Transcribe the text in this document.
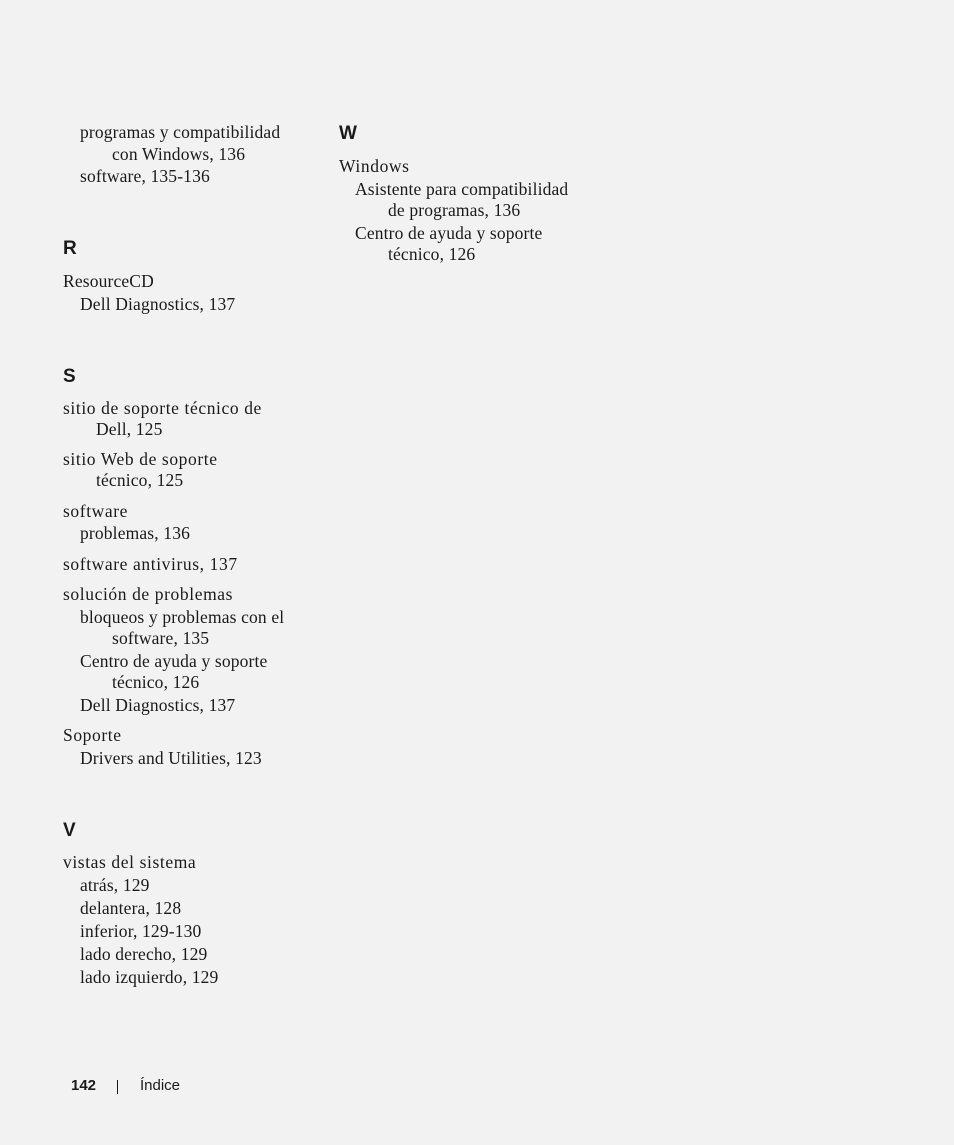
programas y compatibilidad
con Windows, 136
software, 135-136
R
ResourceCD
Dell Diagnostics, 137
S
sitio de soporte técnico de
Dell, 125
sitio Web de soporte
técnico, 125
software
problemas, 136
software antivirus, 137
solución de problemas
bloqueos y problemas con el
software, 135
Centro de ayuda y soporte
técnico, 126
Dell Diagnostics, 137
Soporte
Drivers and Utilities, 123
V
vistas del sistema
atrás, 129
delantera, 128
inferior, 129-130
lado derecho, 129
lado izquierdo, 129
W
Windows
Asistente para compatibilidad
de programas, 136
Centro de ayuda y soporte
técnico, 126
142	Índice
